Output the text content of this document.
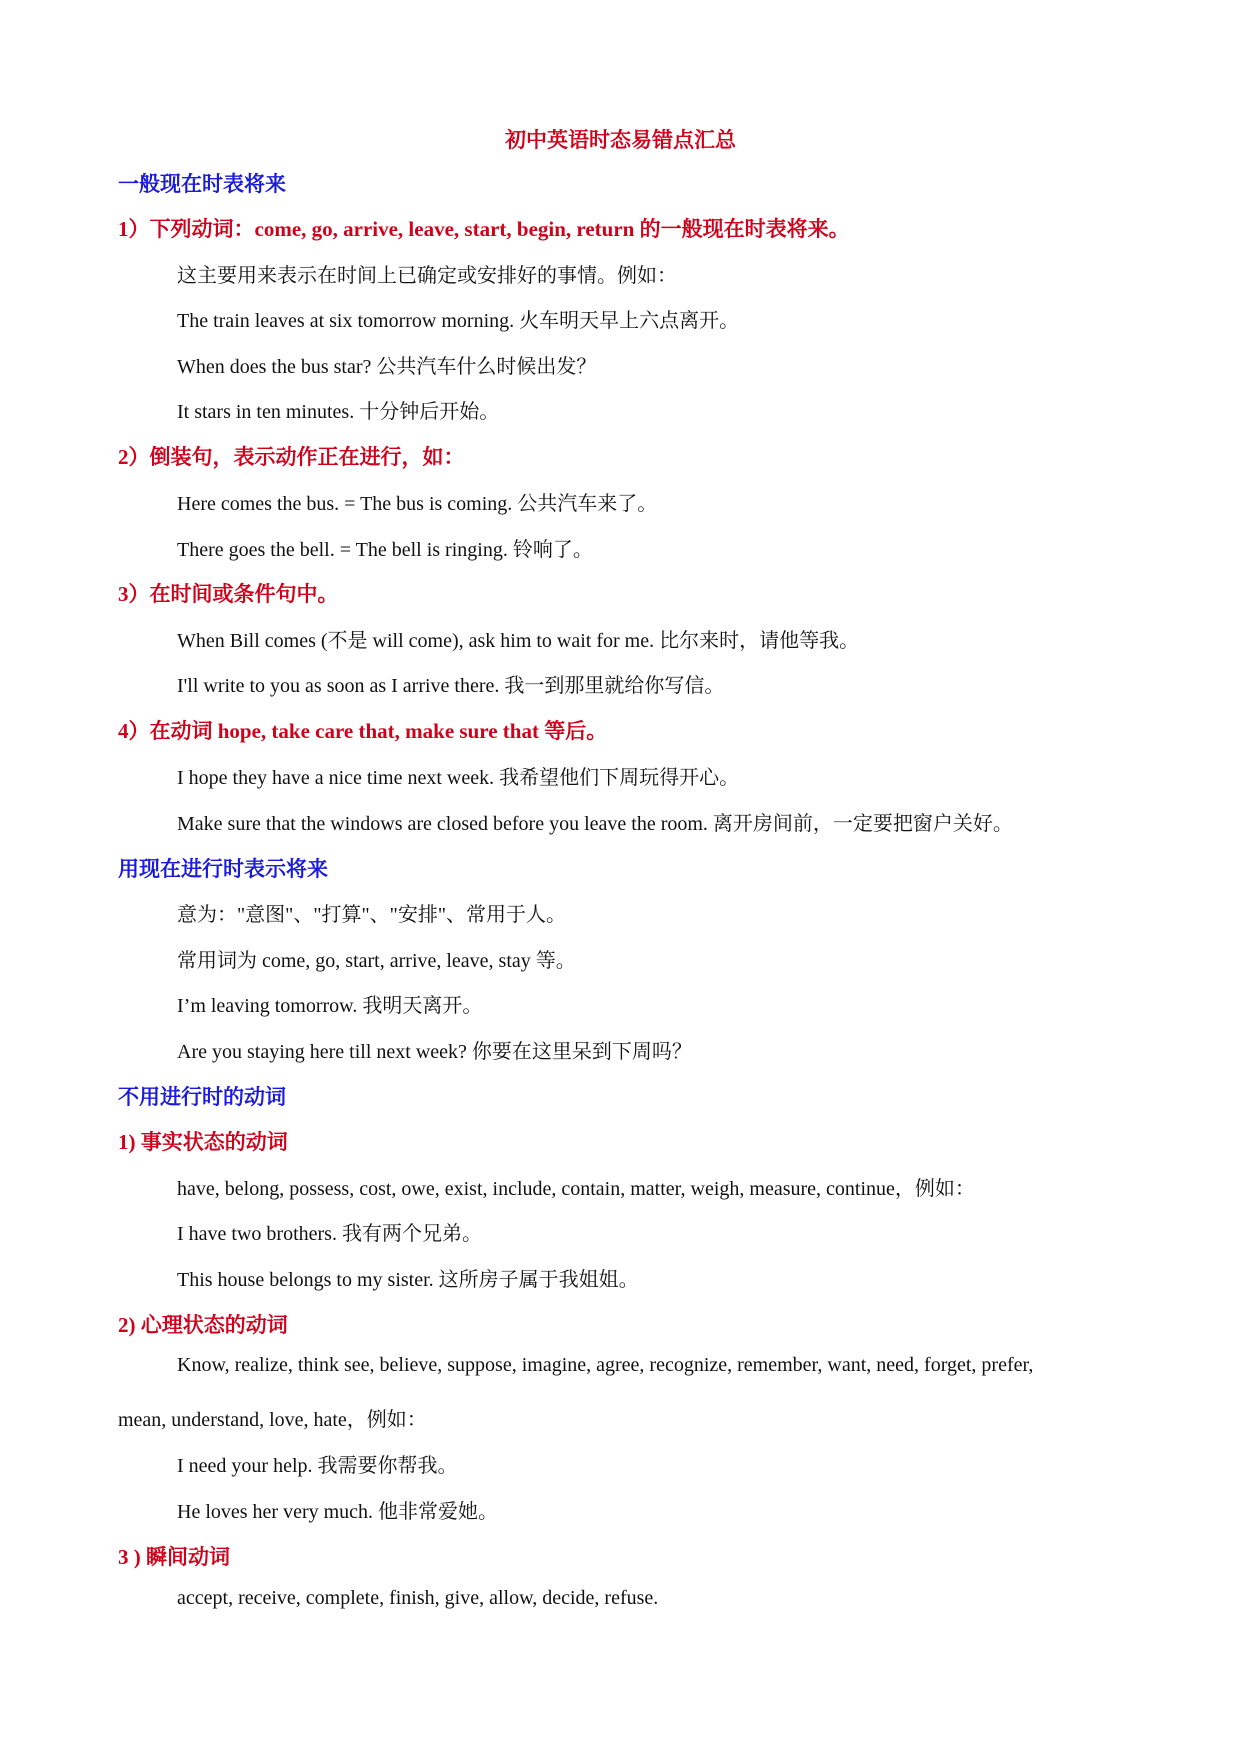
初中英语时态易错点汇总
一般现在时表将来
1）下列动词：come, go, arrive, leave, start, begin, return 的一般现在时表将来。
这主要用来表示在时间上已确定或安排好的事情。例如：
The train leaves at six tomorrow morning. 火车明天早上六点离开。
When does the bus star? 公共汽车什么时候出发？
It stars in ten minutes. 十分钟后开始。
2）倒装句，表示动作正在进行，如：
Here comes the bus. = The bus is coming. 公共汽车来了。
There goes the bell. = The bell is ringing. 铃响了。
3）在时间或条件句中。
When Bill comes (不是 will come), ask him to wait for me. 比尔来时，请他等我。
I'll write to you as soon as I arrive there. 我一到那里就给你写信。
4）在动词 hope, take care that, make sure that 等后。
I hope they have a nice time next week. 我希望他们下周玩得开心。
Make sure that the windows are closed before you leave the room. 离开房间前，一定要把窗户关好。
用现在进行时表示将来
意为："意图"、"打算"、"安排"、常用于人。
常用词为 come, go, start, arrive, leave, stay 等。
I’m leaving tomorrow. 我明天离开。
Are you staying here till next week? 你要在这里呆到下周吗？
不用进行时的动词
1) 事实状态的动词
have, belong, possess, cost, owe, exist, include, contain, matter, weigh, measure, continue，例如：
I have two brothers. 我有两个兄弟。
This house belongs to my sister. 这所房子属于我姐姐。
2) 心理状态的动词
Know, realize, think see, believe, suppose, imagine, agree, recognize, remember, want, need, forget, prefer,
mean, understand, love, hate，例如：
I need your help. 我需要你帮我。
He loves her very much. 他非常爱她。
3 ) 瞬间动词
accept, receive, complete, finish, give, allow, decide, refuse.
